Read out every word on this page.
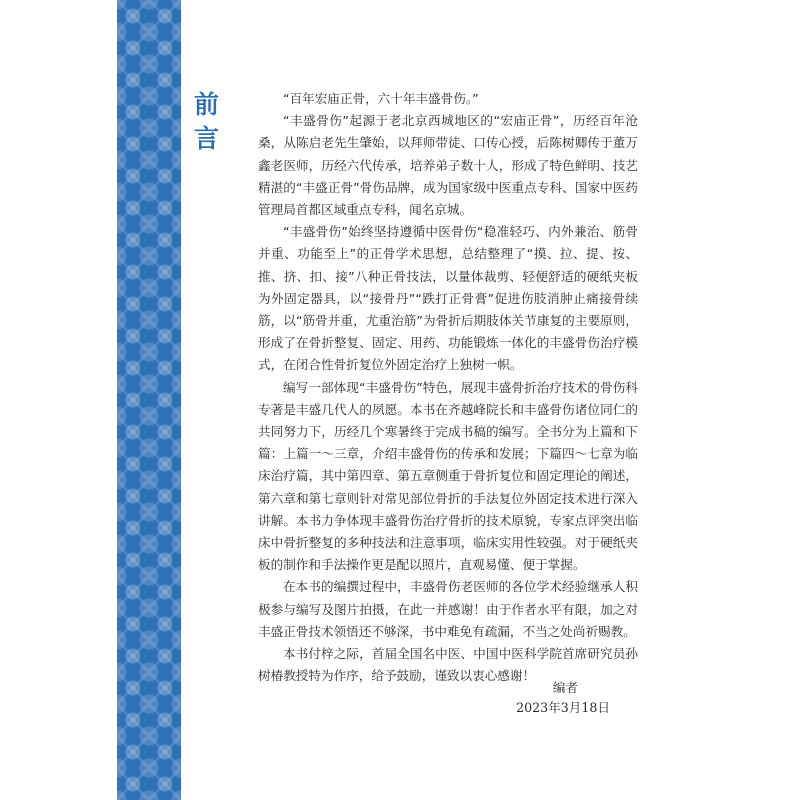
前
言

“百年宏庙正骨，六十年丰盛骨伤。”

“丰盛骨伤”起源于老北京西城地区的“宏庙正骨”，历经百年沧桑，从陈启老先生肇始，以拜师带徒、口传心授，后陈树卿传于董万鑫老医师，历经六代传承，培养弟子数十人，形成了特色鲜明、技艺精湛的“丰盛正骨”骨伤品牌，成为国家级中医重点专科、国家中医药管理局首都区域重点专科，闻名京城。

“丰盛骨伤”始终坚持遵循中医骨伤“稳准轻巧、内外兼治、筋骨并重、功能至上”的正骨学术思想，总结整理了“摸、拉、提、按、推、挤、扣、接”八种正骨技法，以量体裁剪、轻便舒适的硬纸夹板为外固定器具，以“接骨丹”“跌打正骨膏”促进伤肢消肿止痛接骨续筋，以“筋骨并重，尤重治筋”为骨折后期肢体关节康复的主要原则，形成了在骨折整复、固定、用药、功能锻炼一体化的丰盛骨伤治疗模式，在闭合性骨折复位外固定治疗上独树一帜。

编写一部体现“丰盛骨伤”特色，展现丰盛骨折治疗技术的骨伤科专著是丰盛几代人的夙愿。本书在齐越峰院长和丰盛骨伤诸位同仁的共同努力下，历经几个寒暑终于完成书稿的编写。全书分为上篇和下篇：上篇一～三章，介绍丰盛骨伤的传承和发展；下篇四～七章为临床治疗篇，其中第四章、第五章侧重于骨折复位和固定理论的阐述，第六章和第七章则针对常见部位骨折的手法复位外固定技术进行深入讲解。本书力争体现丰盛骨伤治疗骨折的技术原貌，专家点评突出临床中骨折整复的多种技法和注意事项，临床实用性较强。对于硬纸夹板的制作和手法操作更是配以照片，直观易懂、便于掌握。

在本书的编撰过程中，丰盛骨伤老医师的各位学术经验继承人积极参与编写及图片拍摄，在此一并感谢！由于作者水平有限，加之对丰盛正骨技术领悟还不够深，书中难免有疏漏，不当之处尚祈赐教。

本书付梓之际，首届全国名中医、中国中医科学院首席研究员孙树椿教授特为作序，给予鼓励，谨致以衷心感谢！

编者
2023年3月18日
